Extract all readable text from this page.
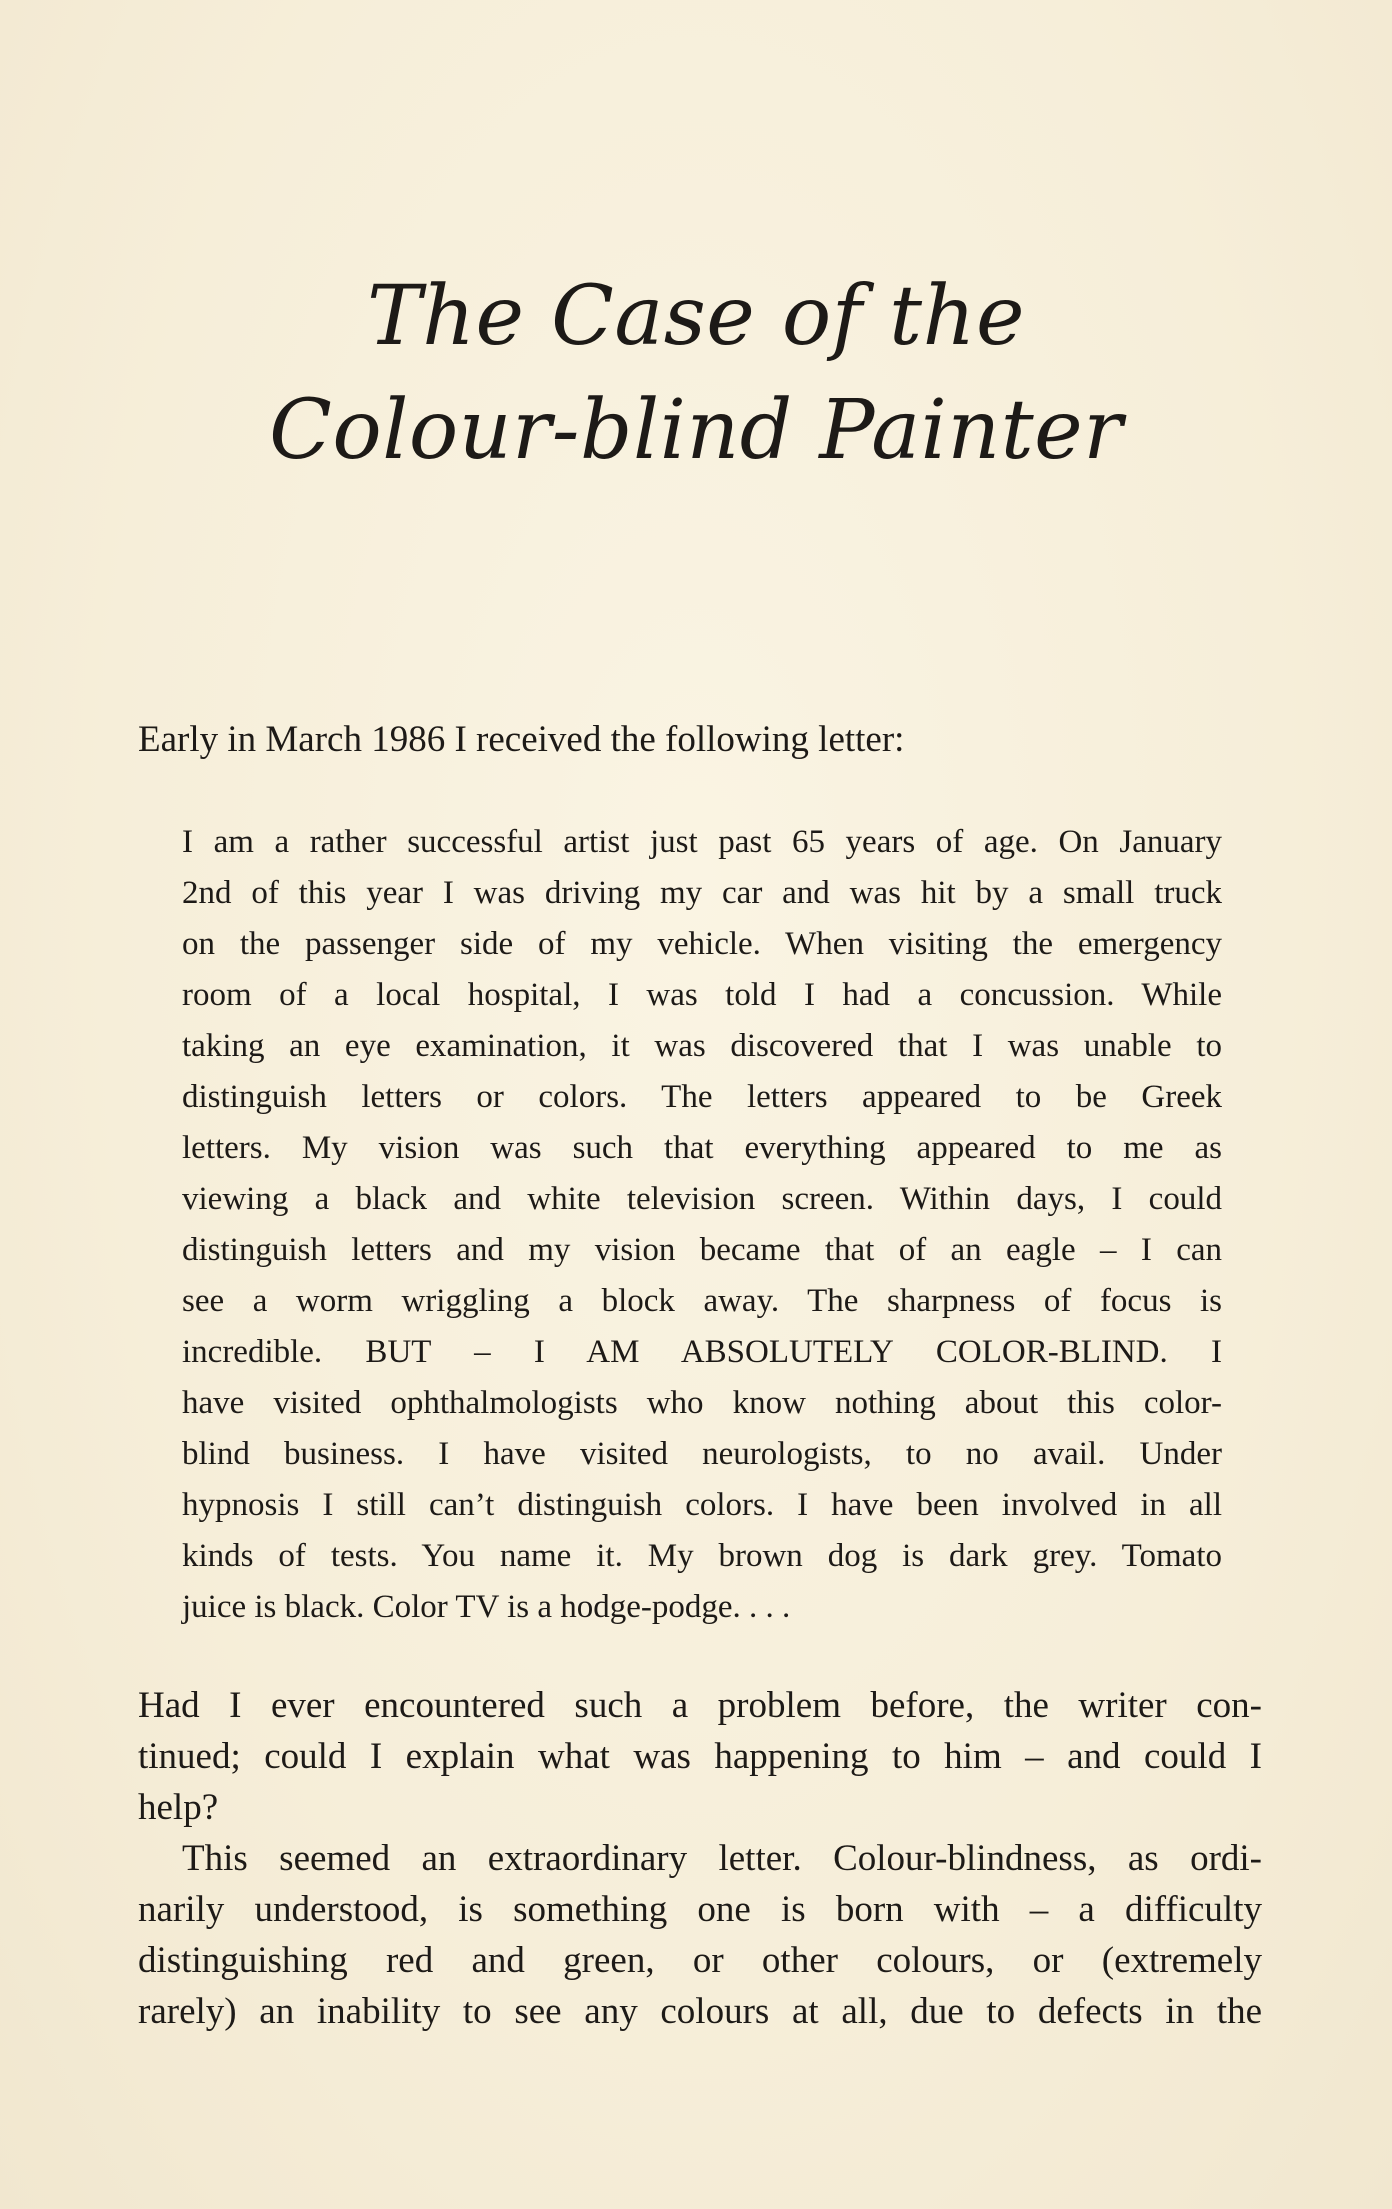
The Case of the
Colour-blind Painter

Early in March 1986 I received the following letter:

I am a rather successful artist just past 65 years of age. On January

2nd of this year I was driving my car and was hit by a small truck

on the passenger side of my vehicle. When visiting the emergency

room of a local hospital, I was told I had a concussion. While

taking an eye examination, it was discovered that I was unable to

distinguish letters or colors. The letters appeared to be Greek

letters. My vision was such that everything appeared to me as

viewing a black and white television screen. Within days, I could

distinguish letters and my vision became that of an eagle – I can

see a worm wriggling a block away. The sharpness of focus is

incredible. BUT – I AM ABSOLUTELY COLOR-BLIND. I

have visited ophthalmologists who know nothing about this color-

blind business. I have visited neurologists, to no avail. Under

hypnosis I still can’t distinguish colors. I have been involved in all

kinds of tests. You name it. My brown dog is dark grey. Tomato

juice is black. Color TV is a hodge-podge. . . .

Had I ever encountered such a problem before, the writer con-

tinued; could I explain what was happening to him – and could I

help?

This seemed an extraordinary letter. Colour-blindness, as ordi-

narily understood, is something one is born with – a difficulty

distinguishing red and green, or other colours, or (extremely

rarely) an inability to see any colours at all, due to defects in the
